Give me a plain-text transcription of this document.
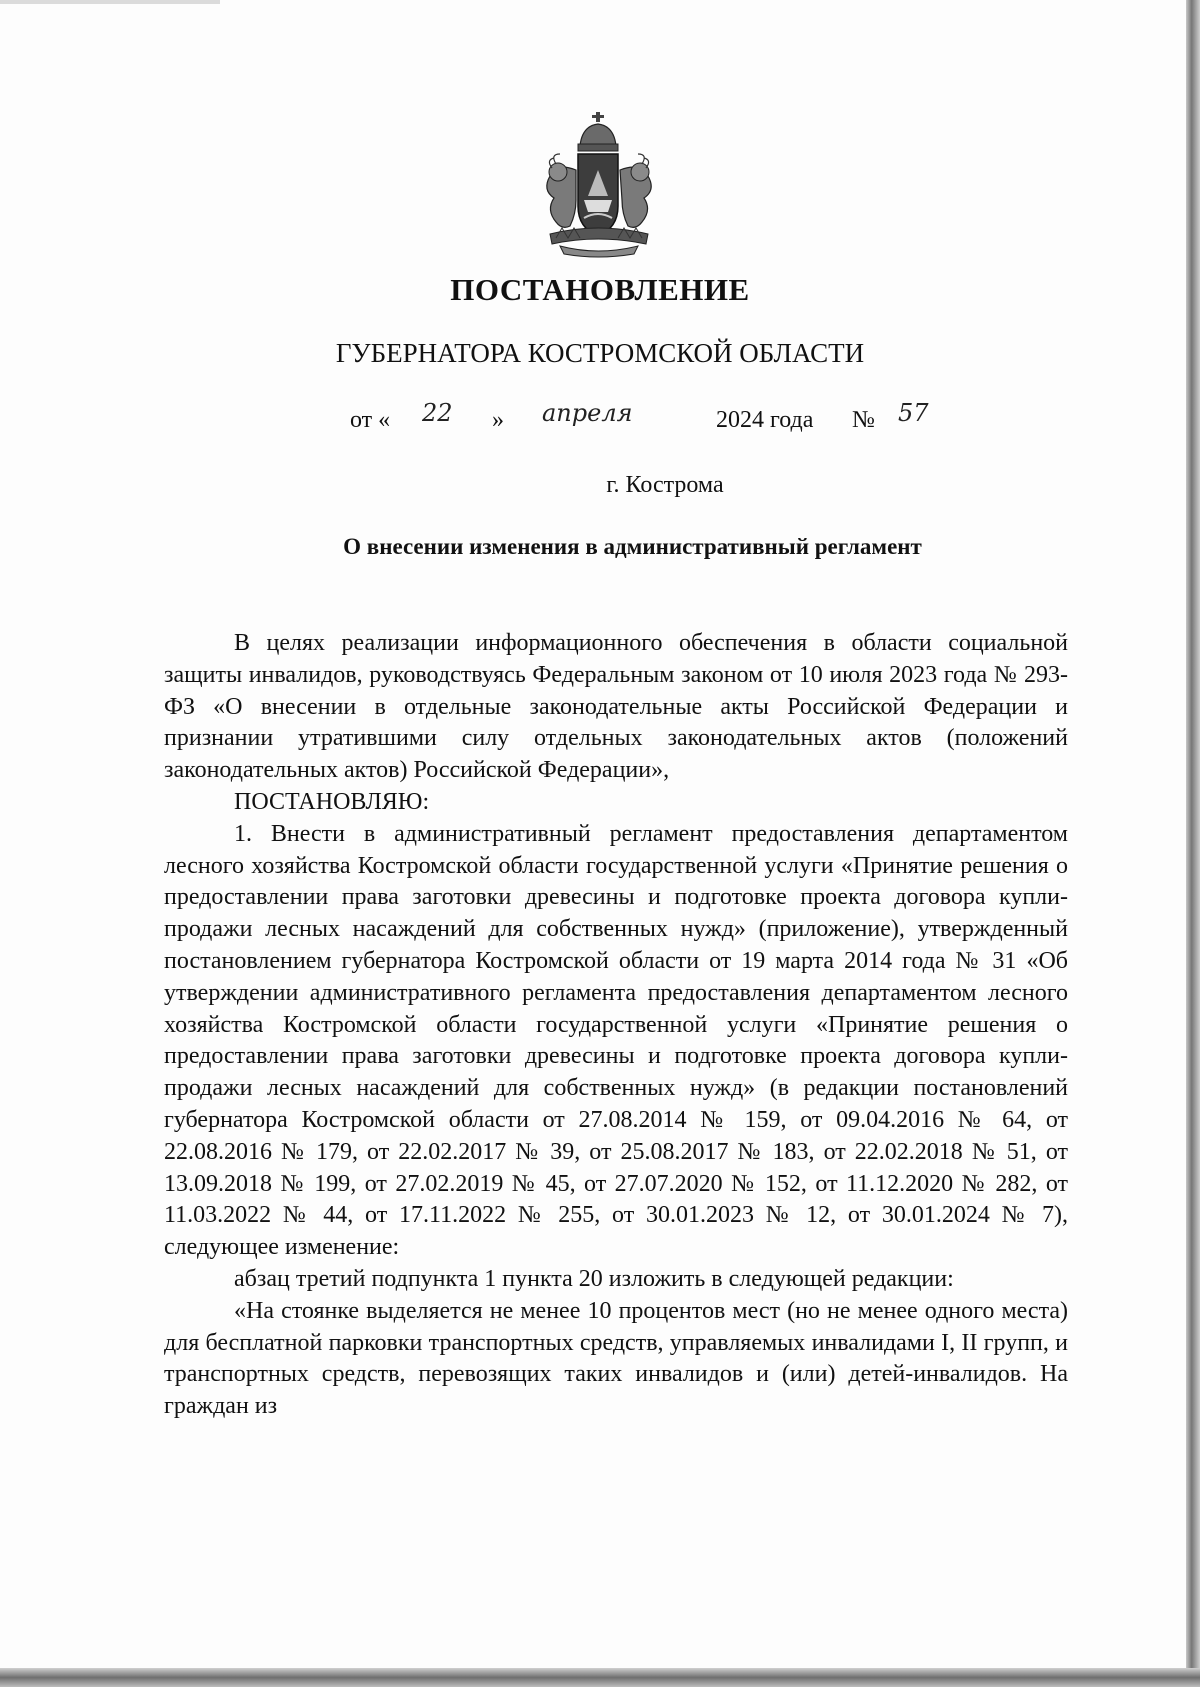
ПОСТАНОВЛЕНИЕ
ГУБЕРНАТОРА КОСТРОМСКОЙ ОБЛАСТИ
от « 22 » апреля	2024 года № 57
г. Кострома
О внесении изменения в административный регламент

В целях реализации информационного обеспечения в области социальной защиты инвалидов, руководствуясь Федеральным законом от 10 июля 2023 года № 293-ФЗ «О внесении в отдельные законодательные акты Российской Федерации и признании утратившими силу отдельных законодательных актов (положений законодательных актов) Российской Федерации»,

ПОСТАНОВЛЯЮ:

1. Внести в административный регламент предоставления департаментом лесного хозяйства Костромской области государственной услуги «Принятие решения о предоставлении права заготовки древесины и подготовке проекта договора купли-продажи лесных насаждений для собственных нужд» (приложение), утвержденный постановлением губернатора Костромской области от 19 марта 2014 года № 31 «Об утверждении административного регламента предоставления департаментом лесного хозяйства Костромской области государственной услуги «Принятие решения о предоставлении права заготовки древесины и подготовке проекта договора купли-продажи лесных насаждений для собственных нужд» (в редакции постановлений губернатора Костромской области от 27.08.2014 № 159, от 09.04.2016 № 64, от 22.08.2016 № 179, от 22.02.2017 № 39, от 25.08.2017 № 183, от 22.02.2018 № 51, от 13.09.2018 № 199, от 27.02.2019 № 45, от 27.07.2020 № 152, от 11.12.2020 № 282, от 11.03.2022 № 44, от 17.11.2022 № 255, от 30.01.2023 № 12, от 30.01.2024 № 7), следующее изменение:

абзац третий подпункта 1 пункта 20 изложить в следующей редакции:

«На стоянке выделяется не менее 10 процентов мест (но не менее одного места) для бесплатной парковки транспортных средств, управляемых инвалидами I, II групп, и транспортных средств, перевозящих таких инвалидов и (или) детей-инвалидов. На граждан из
